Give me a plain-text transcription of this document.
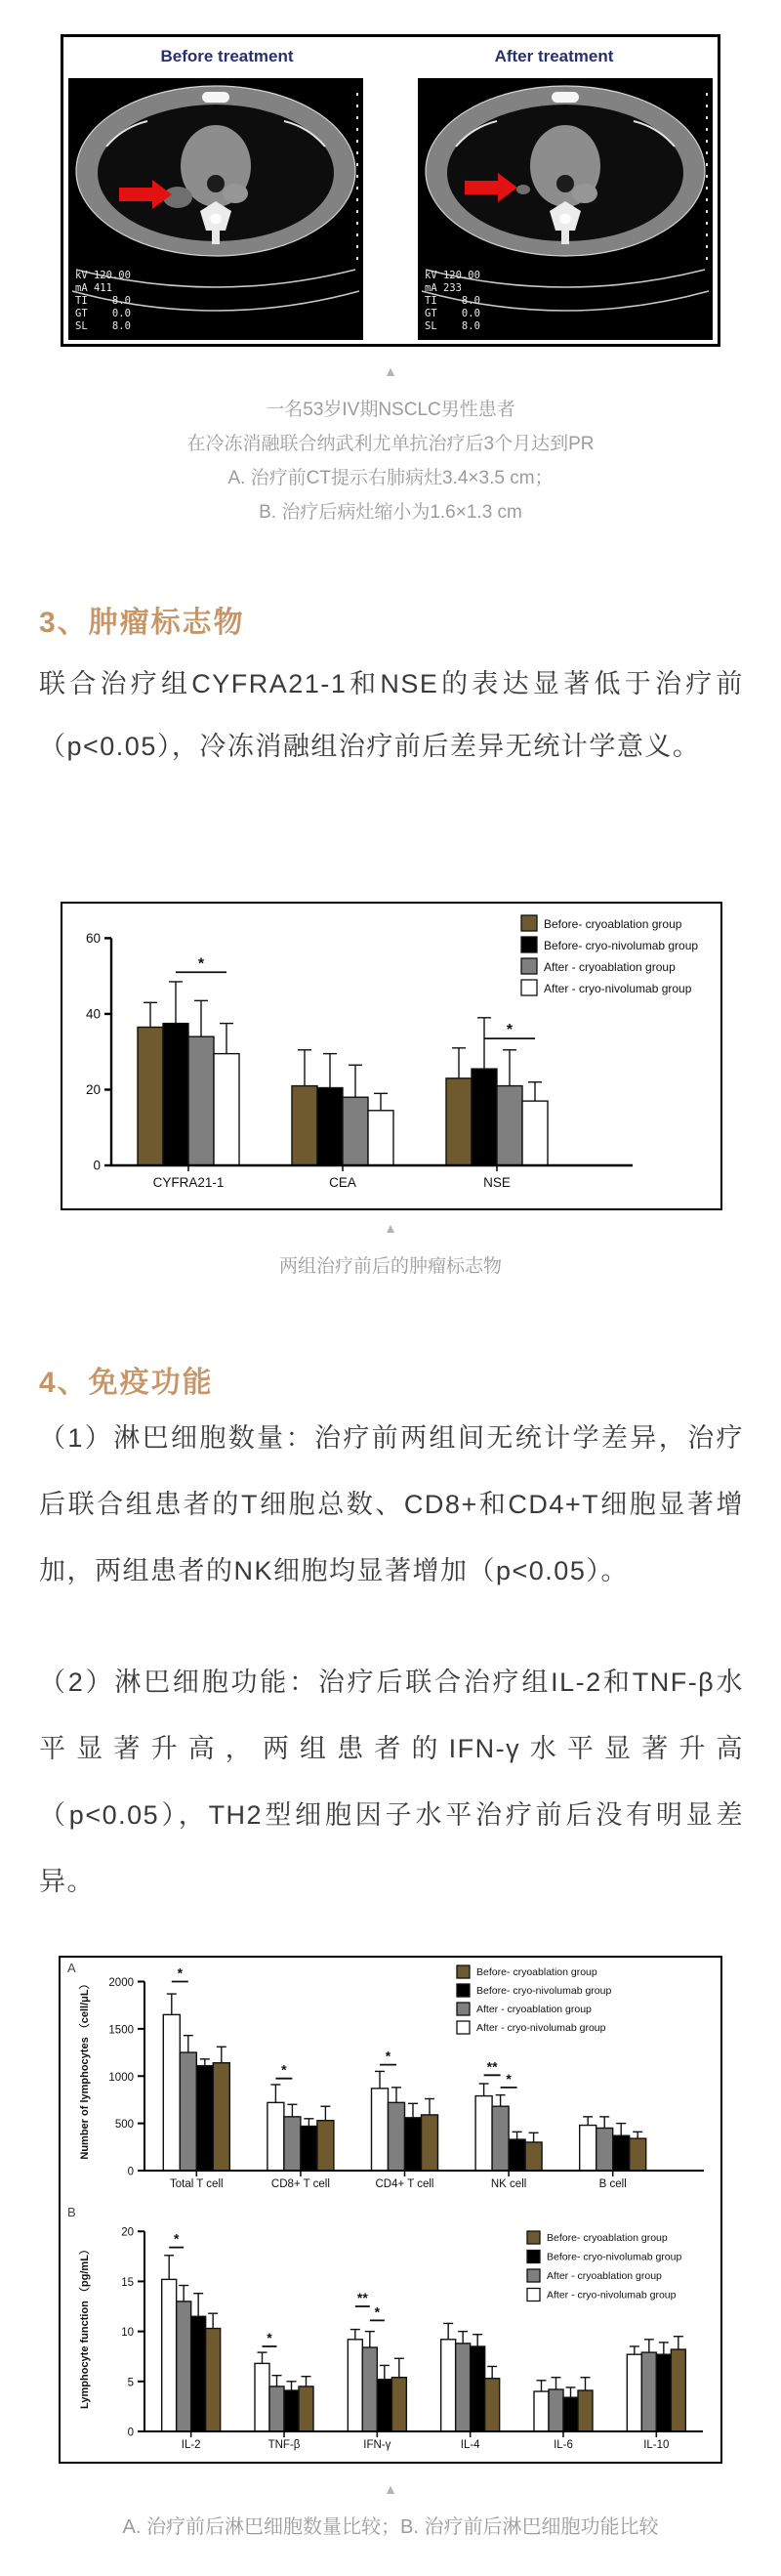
Before treatment	After treatment
kV 120.00
mA 411
TI    8.0
GT    0.0
SL    8.0
kV 120.00
mA 233
TI    8.0
GT    0.0
SL    8.0
▲
一名53岁IV期NSCLC男性患者
在冷冻消融联合纳武利尤单抗治疗后3个月达到PR
A. 治疗前CT提示右肺病灶3.4×3.5 cm；
B. 治疗后病灶缩小为1.6×1.3 cm
3、肿瘤标志物

联合治疗组CYFRA21-1和NSE的表达显著低于治疗前（p<0.05），冷冻消融组治疗前后差异无统计学意义。

CYFRA21-1	CEA	NSE
0
20
40
60
*
*
Before- cryoablation group
Before- cryo-nivolumab group
After - cryoablation group
After - cryo-nivolumab group
▲
两组治疗前后的肿瘤标志物
4、免疫功能

（1）淋巴细胞数量：治疗前两组间无统计学差异，治疗后联合组患者的T细胞总数、CD8+和CD4+T细胞显著增加，两组患者的NK细胞均显著增加（p<0.05）。

（2）淋巴细胞功能：治疗后联合治疗组IL-2和TNF-β水平显著升高，两组患者的IFN-γ水平显著升高（p<0.05），TH2型细胞因子水平治疗前后没有明显差异。

Total T cell	CD8+ T cell	CD4+ T cell	NK cell	B cell
0
500
1000
1500
2000
*
*
*
**
*
Before- cryoablation group
Before- cryo-nivolumab group
After - cryoablation group
After - cryo-nivolumab group
Number of lymphocytes （cell/μL）
A
IL-2	TNF-β	IFN-γ	IL-4	IL-6	IL-10
0
5
10
15
20	*
*
**
*
Before- cryoablation group
Before- cryo-nivolumab group
After - cryoablation group
After - cryo-nivolumab group
Lymphocyte function （pg/mL）
B
▲
A. 治疗前后淋巴细胞数量比较；B. 治疗前后淋巴细胞功能比较
